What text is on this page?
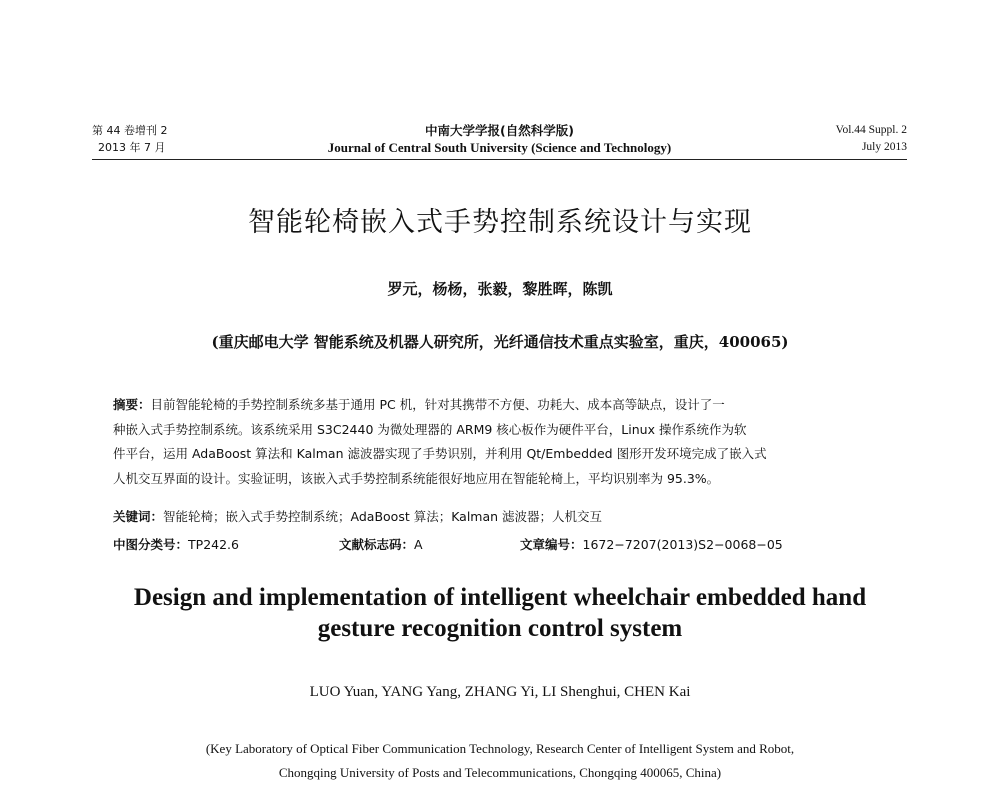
第 44 卷增刊 2
2013 年 7 月
中南大学学报(自然科学版)
Journal of Central South University (Science and Technology)
Vol.44 Suppl. 2
July 2013
智能轮椅嵌入式手势控制系统设计与实现
罗元，杨杨，张毅，黎胜晖，陈凯
(重庆邮电大学 智能系统及机器人研究所，光纤通信技术重点实验室，重庆，400065)
摘要：目前智能轮椅的手势控制系统多基于通用 PC 机，针对其携带不方便、功耗大、成本高等缺点，设计了一
种嵌入式手势控制系统。该系统采用 S3C2440 为微处理器的 ARM9 核心板作为硬件平台，Linux 操作系统作为软
件平台，运用 AdaBoost 算法和 Kalman 滤波器实现了手势识别，并利用 Qt/Embedded 图形开发环境完成了嵌入式
人机交互界面的设计。实验证明，该嵌入式手势控制系统能很好地应用在智能轮椅上，平均识别率为 95.3%。
关键词：智能轮椅；嵌入式手势控制系统；AdaBoost 算法；Kalman 滤波器；人机交互
中图分类号：TP242.6	文献标志码：A	文章编号：1672−7207(2013)S2−0068−05
Design and implementation of intelligent wheelchair embedded hand
gesture recognition control system
LUO Yuan, YANG Yang, ZHANG Yi, LI Shenghui, CHEN Kai
(Key Laboratory of Optical Fiber Communication Technology, Research Center of Intelligent System and Robot,
Chongqing University of Posts and Telecommunications, Chongqing 400065, China)
